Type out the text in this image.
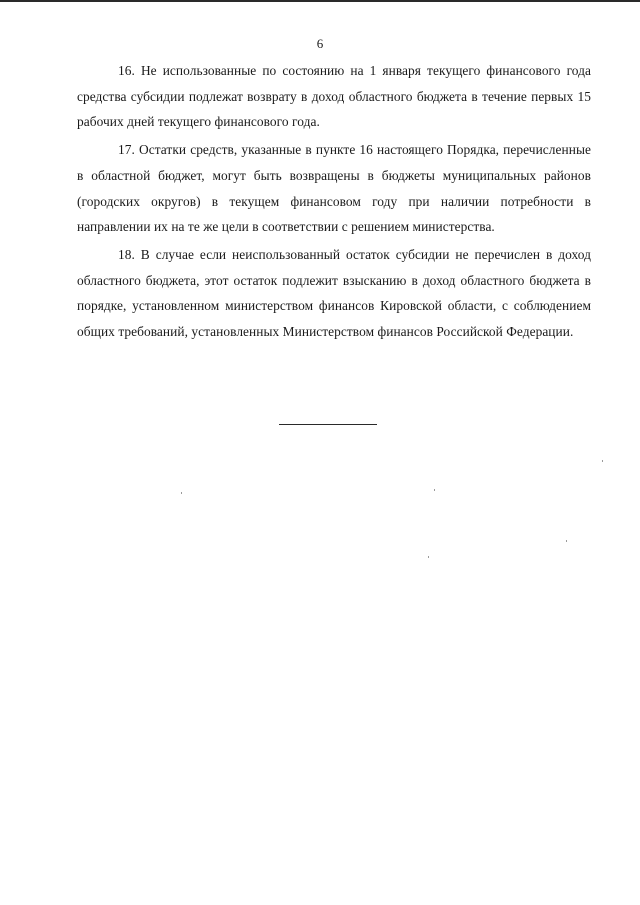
6

16. Не использованные по состоянию на 1 января текущего финансового года средства субсидии подлежат возврату в доход областного бюджета в течение первых 15 рабочих дней текущего финансового года.

17. Остатки средств, указанные в пункте 16 настоящего Порядка, перечисленные в областной бюджет, могут быть возвращены в бюджеты муниципальных районов (городских округов) в текущем финансовом году при наличии потребности в направлении их на те же цели в соответствии с решением министерства.

18. В случае если неиспользованный остаток субсидии не перечислен в доход областного бюджета, этот остаток подлежит взысканию в доход областного бюджета в порядке, установленном министерством финансов Кировской области, с соблюдением общих требований, установленных Министерством финансов Российской Федерации.
